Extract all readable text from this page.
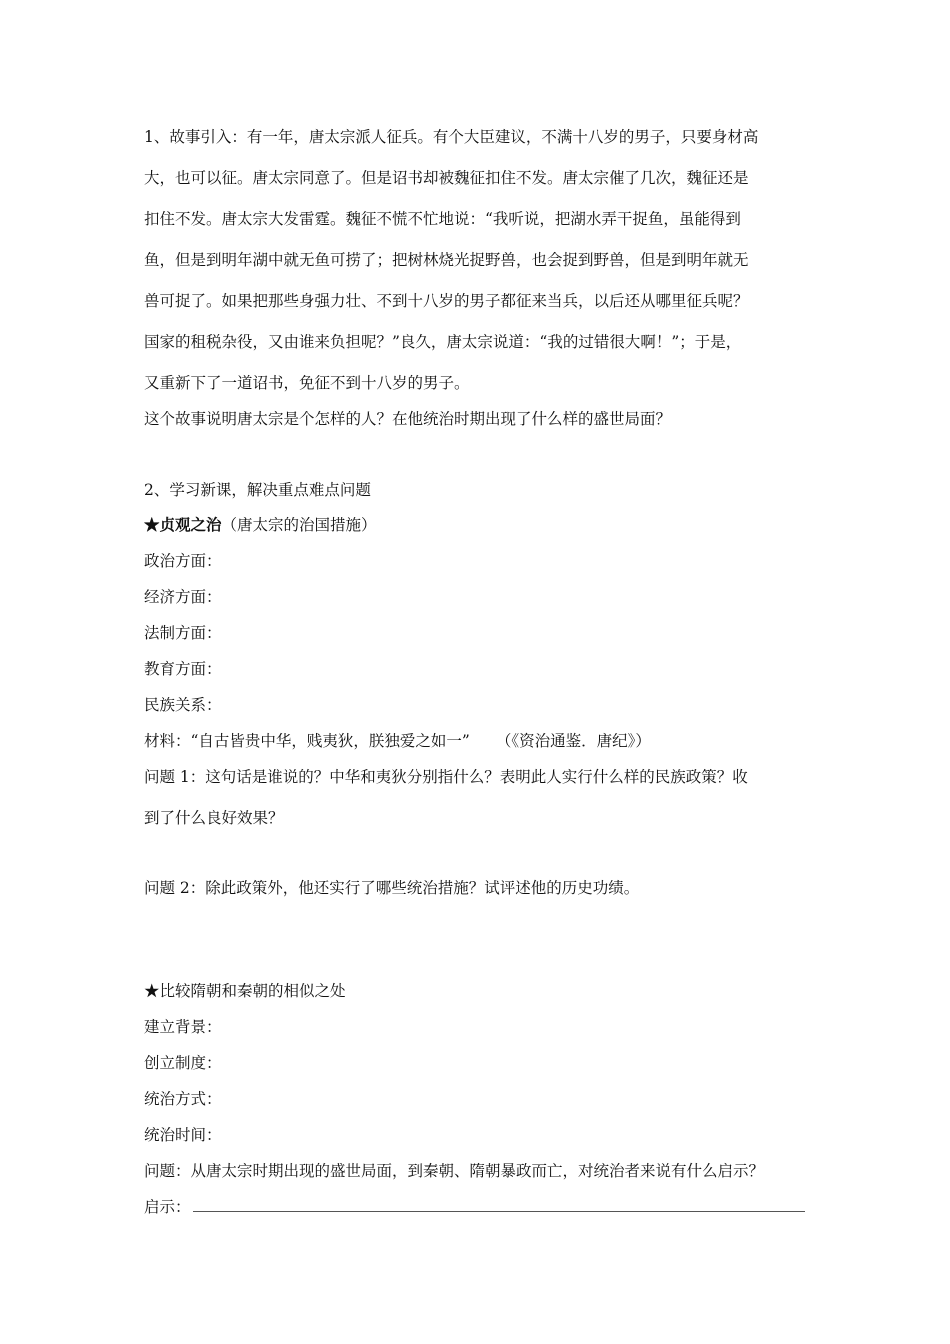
1、故事引入：有一年，唐太宗派人征兵。有个大臣建议，不满十八岁的男子，只要身材高
大，也可以征。唐太宗同意了。但是诏书却被魏征扣住不发。唐太宗催了几次，魏征还是
扣住不发。唐太宗大发雷霆。魏征不慌不忙地说：“我听说，把湖水弄干捉鱼，虽能得到
鱼，但是到明年湖中就无鱼可捞了；把树林烧光捉野兽，也会捉到野兽，但是到明年就无
兽可捉了。如果把那些身强力壮、不到十八岁的男子都征来当兵，以后还从哪里征兵呢？
国家的租税杂役，又由谁来负担呢？”良久，唐太宗说道：“我的过错很大啊！”；于是，
又重新下了一道诏书，免征不到十八岁的男子。
这个故事说明唐太宗是个怎样的人？在他统治时期出现了什么样的盛世局面？
2、学习新课，解决重点难点问题
★贞观之治（唐太宗的治国措施）
政治方面：
经济方面：
法制方面：
教育方面：
民族关系：
材料：“自古皆贵中华，贱夷狄，朕独爱之如一” （《资治通鉴．唐纪》）
问题 1：这句话是谁说的？中华和夷狄分别指什么？表明此人实行什么样的民族政策？收
到了什么良好效果？
问题 2：除此政策外，他还实行了哪些统治措施？试评述他的历史功绩。
★比较隋朝和秦朝的相似之处
建立背景：
创立制度：
统治方式：
统治时间：
问题：从唐太宗时期出现的盛世局面，到秦朝、隋朝暴政而亡，对统治者来说有什么启示？
启示：
